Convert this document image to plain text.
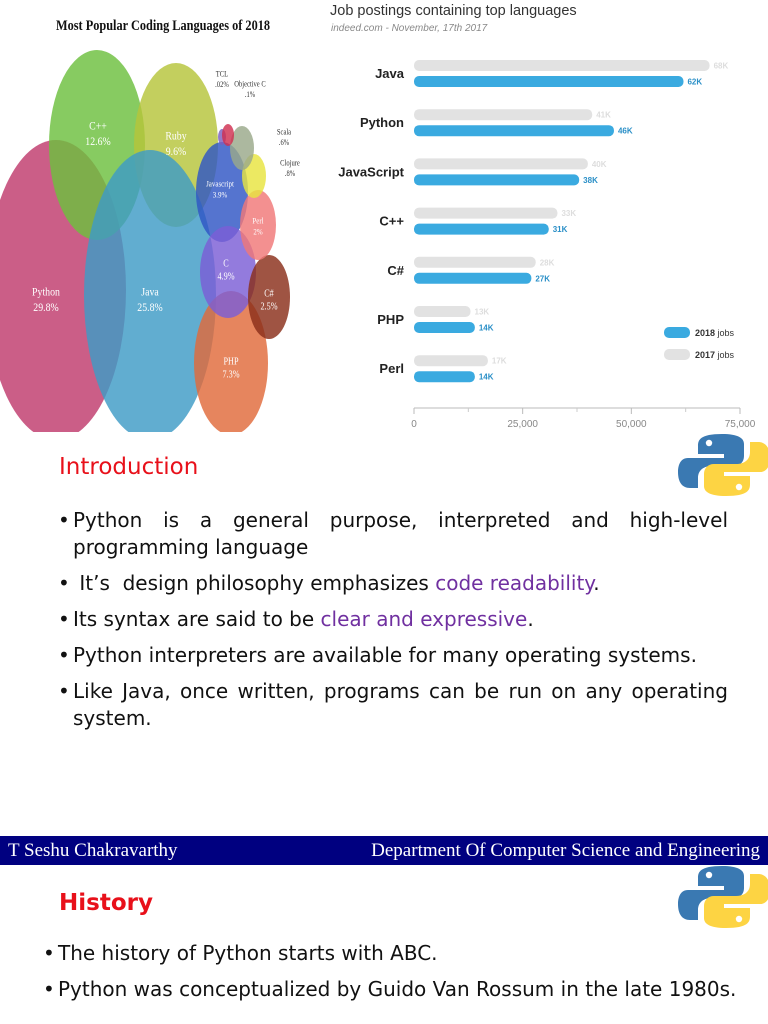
Most Popular Coding Languages of 2018
Python
29.8%
C++
12.6%	Ruby
9.6%
Java
25.8%
PHP
7.3%
Javascript
3.9%
C
4.9%
C#
2.5%
Perl
2%
Clojure
.8%
Scala
.6%
Objective C
.1%
TCL
.02%
Job postings containing top languages
indeed.com - November, 17th 2017
0	25,000	50,000	75,000
Java	68K
62K
Python	41K
46K
JavaScript	40K
38K
C++	33K
31K
C#	28K
27K
PHP	13K
14K
Perl	17K
14K
2018 jobs
2017 jobs
Introduction
• Python is a general purpose, interpreted and high-level programming language
•  It’s  design philosophy emphasizes code readability.
• Its syntax are said to be clear and expressive.
• Python interpreters are available for many operating systems.
• Like Java, once written, programs can be run on any operating system.
T Seshu Chakravarthy	Department Of Computer Science and Engineering
History
• The history of Python starts with ABC.
• Python was conceptualized by Guido Van Rossum in the late 1980s.
